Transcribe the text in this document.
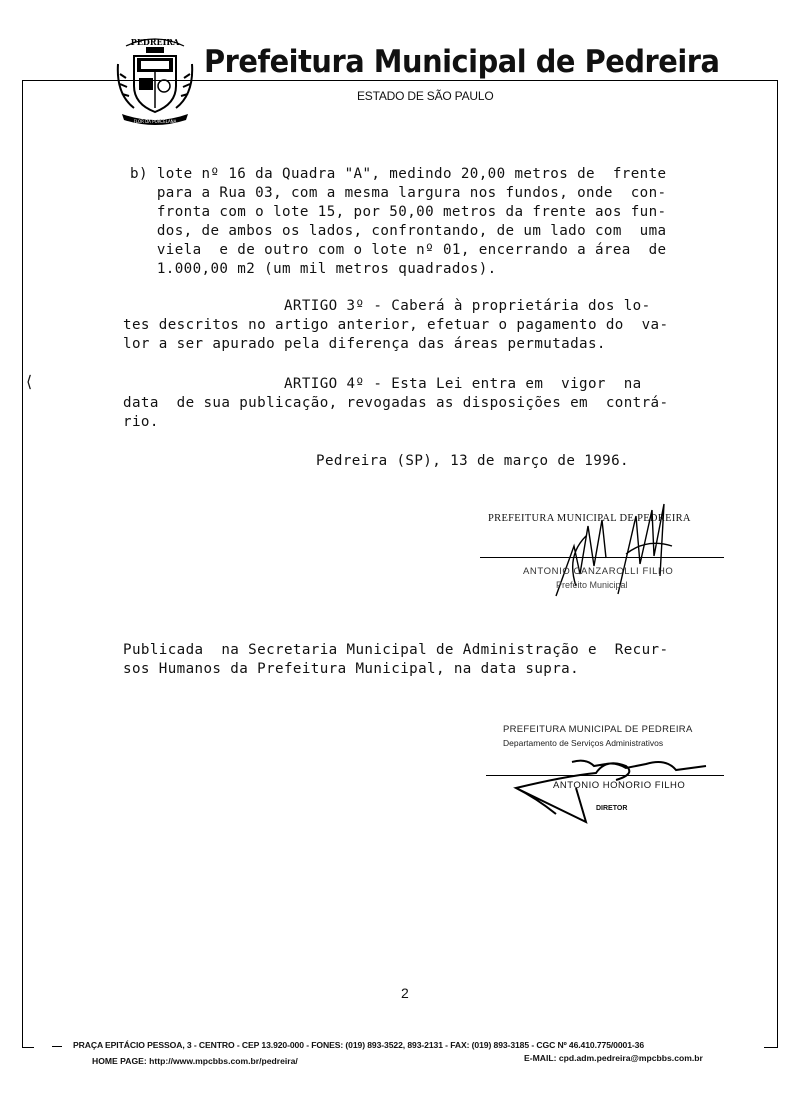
PEDREIRA
FLOR DA PORCELANA
Prefeitura Municipal de Pedreira
ESTADO DE SÃO PAULO
⟨
b) lote nº 16 da Quadra "A", medindo 20,00 metros de  frente
para a Rua 03, com a mesma largura nos fundos, onde  con-
fronta com o lote 15, por 50,00 metros da frente aos fun-
dos, de ambos os lados, confrontando, de um lado com  uma
viela  e de outro com o lote nº 01, encerrando a área  de
1.000,00 m2 (um mil metros quadrados).
ARTIGO 3º - Caberá à proprietária dos lo-
tes descritos no artigo anterior, efetuar o pagamento do  va-
lor a ser apurado pela diferença das áreas permutadas.
ARTIGO 4º - Esta Lei entra em  vigor  na
data  de sua publicação, revogadas as disposições em  contrá-
rio.
Pedreira (SP), 13 de março de 1996.
PREFEITURA MUNICIPAL DE PEDREIRA
ANTONIO CANZAROLLI FILHO
Prefeito Municipal
Publicada  na Secretaria Municipal de Administração e  Recur-
sos Humanos da Prefeitura Municipal, na data supra.
PREFEITURA MUNICIPAL DE PEDREIRA
Departamento de Serviços Administrativos
ANTONIO HONORIO FILHO
DIRETOR
2
PRAÇA EPITÁCIO PESSOA, 3 - CENTRO - CEP 13.920-000 - FONES: (019) 893-3522, 893-2131 - FAX: (019) 893-3185 - CGC Nº 46.410.775/0001-36
HOME PAGE: http://www.mpcbbs.com.br/pedreira/	E-MAIL: cpd.adm.pedreira@mpcbbs.com.br
